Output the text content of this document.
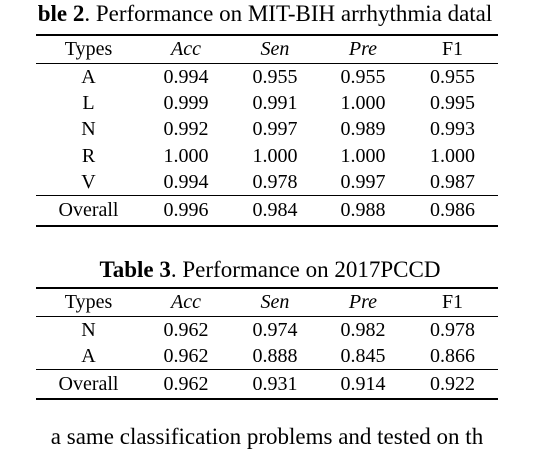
ble 2. Performance on MIT-BIH arrhythmia datal
Types	Acc	Sen	Pre	F1
A	0.994	0.955	0.955	0.955
L	0.999	0.991	1.000	0.995
N	0.992	0.997	0.989	0.993
R	1.000	1.000	1.000	1.000
V	0.994	0.978	0.997	0.987
Overall	0.996	0.984	0.988	0.986
Table 3. Performance on 2017PCCD
Types	Acc	Sen	Pre	F1
N	0.962	0.974	0.982	0.978
A	0.962	0.888	0.845	0.866
Overall	0.962	0.931	0.914	0.922
a same classification problems and tested on th
